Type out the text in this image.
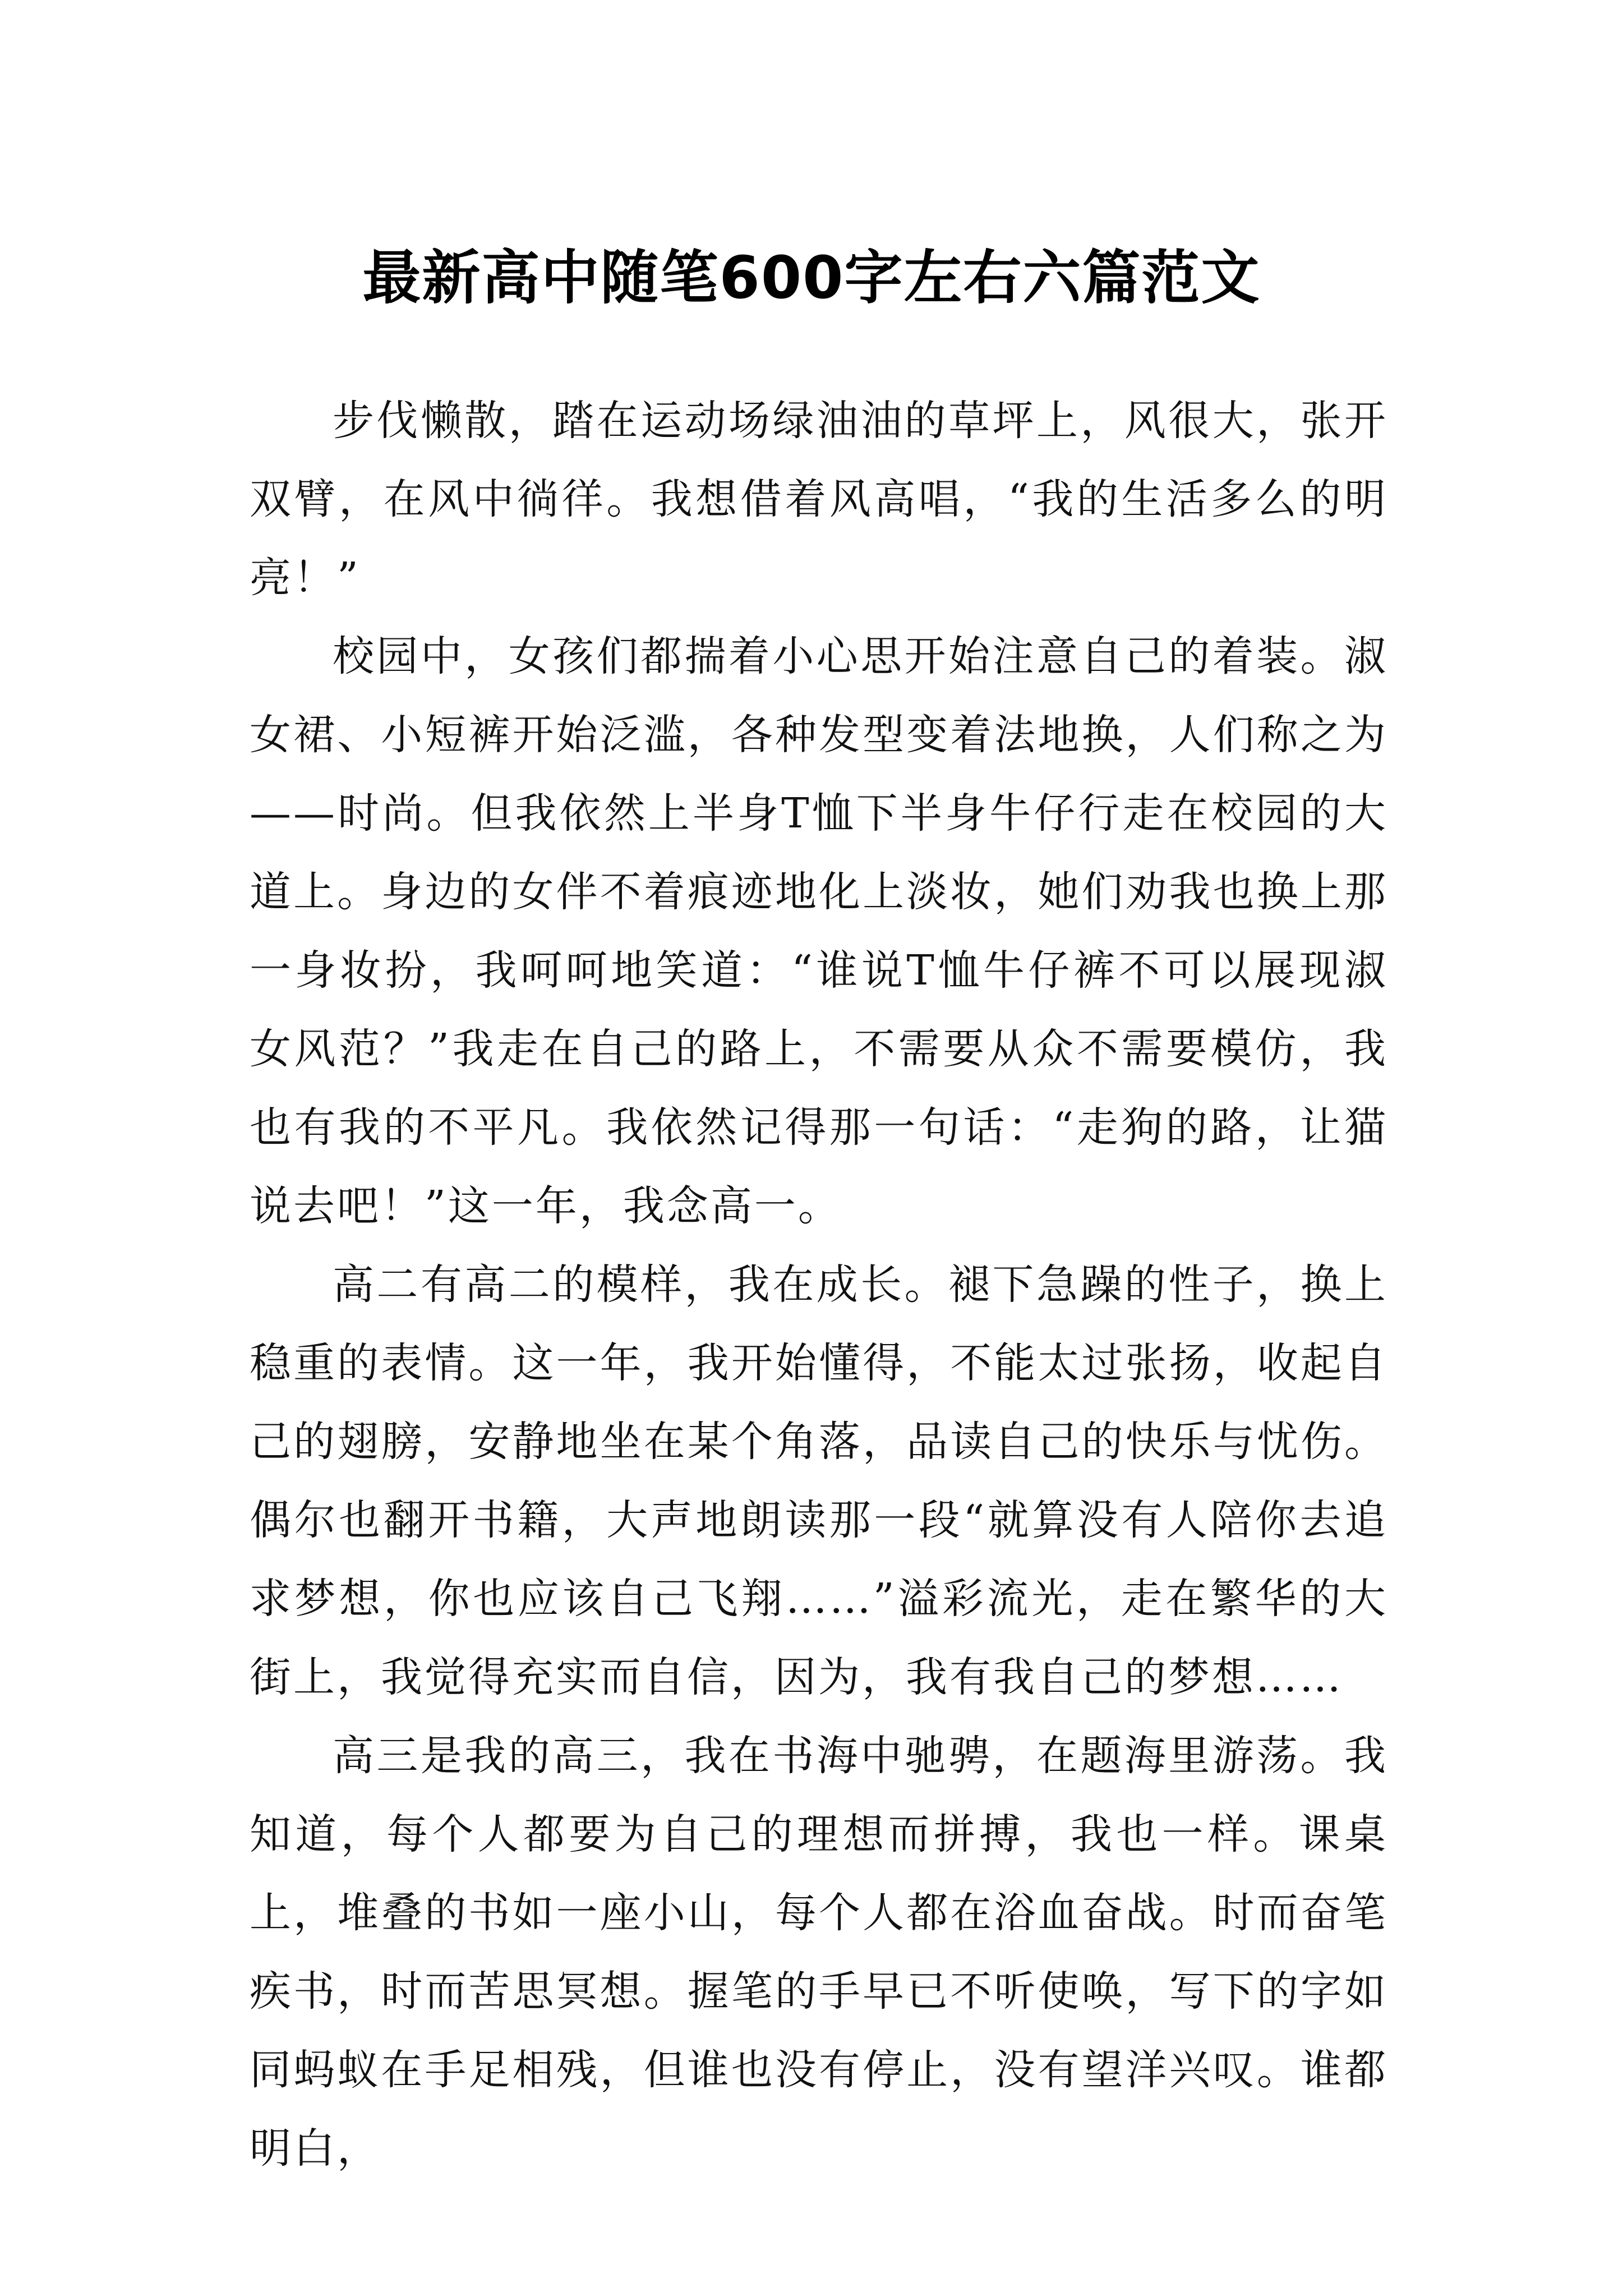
最新高中随笔600字左右六篇范文

步伐懒散，踏在运动场绿油油的草坪上，风很大，张开双臂，在风中徜徉。我想借着风高唱，“我的生活多么的明亮！”

校园中，女孩们都揣着小心思开始注意自己的着装。淑女裙、小短裤开始泛滥，各种发型变着法地换，人们称之为——时尚。但我依然上半身T恤下半身牛仔行走在校园的大道上。身边的女伴不着痕迹地化上淡妆，她们劝我也换上那一身妆扮，我呵呵地笑道：“谁说T恤牛仔裤不可以展现淑女风范？”我走在自己的路上，不需要从众不需要模仿，我也有我的不平凡。我依然记得那一句话：“走狗的路，让猫说去吧！”这一年，我念高一。

高二有高二的模样，我在成长。褪下急躁的性子，换上稳重的表情。这一年，我开始懂得，不能太过张扬，收起自己的翅膀，安静地坐在某个角落，品读自己的快乐与忧伤。偶尔也翻开书籍，大声地朗读那一段“就算没有人陪你去追求梦想，你也应该自己飞翔……”溢彩流光，走在繁华的大街上，我觉得充实而自信，因为，我有我自己的梦想……

高三是我的高三，我在书海中驰骋，在题海里游荡。我知道，每个人都要为自己的理想而拼搏，我也一样。课桌上，堆叠的书如一座小山，每个人都在浴血奋战。时而奋笔疾书，时而苦思冥想。握笔的手早已不听使唤，写下的字如同蚂蚁在手足相残，但谁也没有停止，没有望洋兴叹。谁都明白，
